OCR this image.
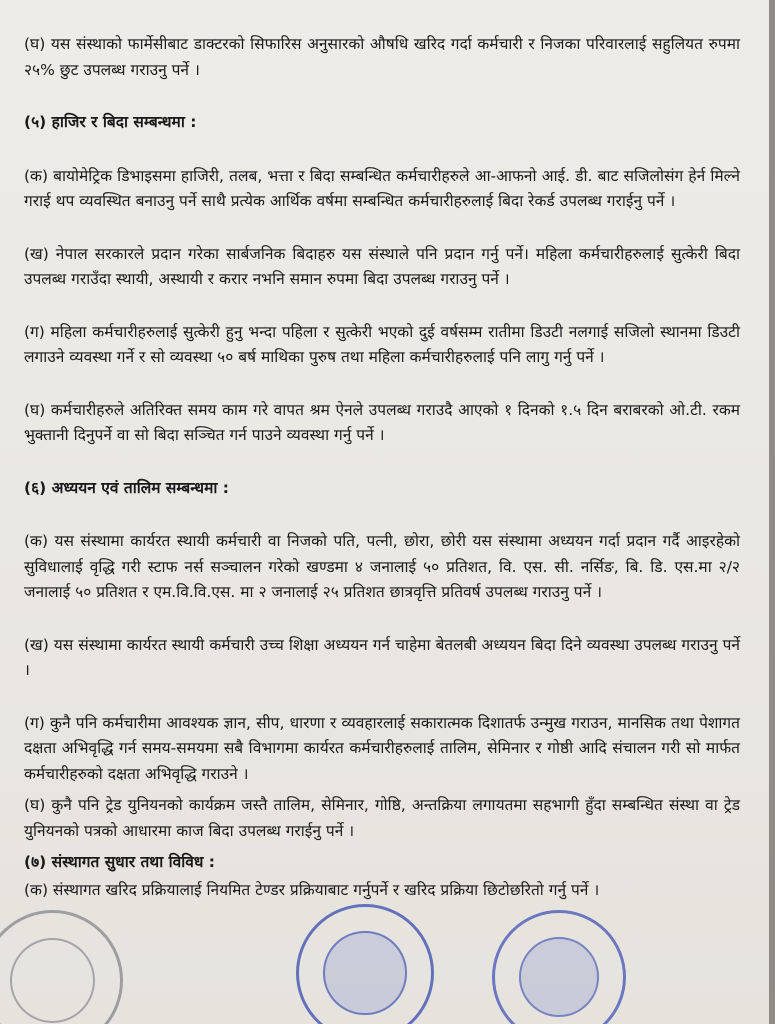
(घ) यस संस्थाको फार्मेसीबाट डाक्टरको सिफारिस अनुसारको औषधि खरिद गर्दा कर्मचारी र निजका परिवारलाई सहुलियत रुपमा २५% छुट उपलब्ध गराउनु पर्ने ।

(५) हाजिर र बिदा सम्बन्धमा :

(क) बायोमेट्रिक डिभाइसमा हाजिरी, तलब, भत्ता र बिदा सम्बन्धित कर्मचारीहरुले आ-आफनो आई. डी. बाट सजिलोसंग हेर्न मिल्ने गराई थप व्यवस्थित बनाउनु पर्ने साथै प्रत्येक आर्थिक वर्षमा सम्बन्धित कर्मचारीहरुलाई बिदा रेकर्ड उपलब्ध गराईनु पर्ने ।

(ख) नेपाल सरकारले प्रदान गरेका सार्बजनिक बिदाहरु यस संस्थाले पनि प्रदान गर्नु पर्ने। महिला कर्मचारीहरुलाई सुत्केरी बिदा उपलब्ध गराउँदा स्थायी, अस्थायी र करार नभनि समान रुपमा बिदा उपलब्ध गराउनु पर्ने ।

(ग) महिला कर्मचारीहरुलाई सुत्केरी हुनु भन्दा पहिला र सुत्केरी भएको दुई वर्षसम्म रातीमा डिउटी नलगाई सजिलो स्थानमा डिउटी लगाउने व्यवस्था गर्ने र सो व्यवस्था ५० बर्ष माथिका पुरुष तथा महिला कर्मचारीहरुलाई पनि लागु गर्नु पर्ने ।

(घ) कर्मचारीहरुले अतिरिक्त समय काम गरे वापत श्रम ऐनले उपलब्ध गराउदै आएको १ दिनको १.५ दिन बराबरको ओ.टी. रकम भुक्तानी दिनुपर्ने वा सो बिदा सञ्चित गर्न पाउने व्यवस्था गर्नु पर्ने ।

(६) अध्ययन एवं तालिम सम्बन्धमा :

(क) यस संस्थामा कार्यरत स्थायी कर्मचारी वा निजको पति, पत्नी, छोरा, छोरी यस संस्थामा अध्ययन गर्दा प्रदान गर्दै आइरहेको सुविधालाई वृद्धि गरी स्टाफ नर्स सञ्चालन गरेको खण्डमा ४ जनालाई ५० प्रतिशत, वि. एस. सी. नर्सिङ, बि. डि. एस.मा २/२ जनालाई ५० प्रतिशत र एम.वि.वि.एस. मा २ जनालाई २५ प्रतिशत छात्रवृत्ति प्रतिवर्ष उपलब्ध गराउनु पर्ने ।

(ख) यस संस्थामा कार्यरत स्थायी कर्मचारी उच्च शिक्षा अध्ययन गर्न चाहेमा बेतलबी अध्ययन बिदा दिने व्यवस्था उपलब्ध गराउनु पर्ने ।

(ग) कुनै पनि कर्मचारीमा आवश्यक ज्ञान, सीप, धारणा र व्यवहारलाई सकारात्मक दिशातर्फ उन्मुख गराउन, मानसिक तथा पेशागत दक्षता अभिवृद्धि गर्न समय-समयमा सबै विभागमा कार्यरत कर्मचारीहरुलाई तालिम, सेमिनार र गोष्ठी आदि संचालन गरी सो मार्फत कर्मचारीहरुको दक्षता अभिवृद्धि गराउने ।

(घ) कुनै पनि ट्रेड युनियनको कार्यक्रम जस्तै तालिम, सेमिनार, गोष्ठि, अन्तक्रिया लगायतमा सहभागी हुँदा सम्बन्धित संस्था वा ट्रेड युनियनको पत्रको आधारमा काज बिदा उपलब्ध गराईनु पर्ने ।

(७) संस्थागत सुधार तथा विविध :

(क) संस्थागत खरिद प्रक्रियालाई नियमित टेण्डर प्रक्रियाबाट गर्नुपर्ने र खरिद प्रक्रिया छिटोछरितो गर्नु पर्ने ।
